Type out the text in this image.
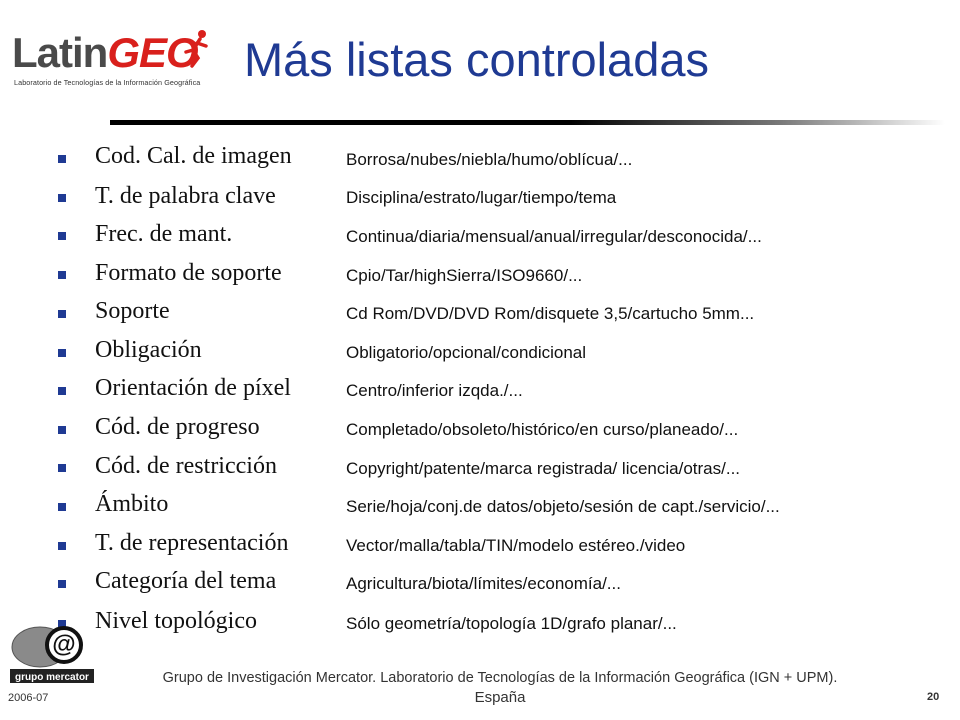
LatinGEO
Laboratorio de Tecnologías de la Información Geográfica Más listas controladas
Cod. Cal. de imagen	Borrosa/nubes/niebla/humo/oblícua/...
T. de palabra clave	Disciplina/estrato/lugar/tiempo/tema
Frec. de mant.	Continua/diaria/mensual/anual/irregular/desconocida/...
Formato de soporte	Cpio/Tar/highSierra/ISO9660/...
Soporte	Cd Rom/DVD/DVD Rom/disquete 3,5/cartucho 5mm...
Obligación	Obligatorio/opcional/condicional
Orientación de píxel	Centro/inferior izqda./...
Cód. de progreso	Completado/obsoleto/histórico/en curso/planeado/...
Cód. de restricción	Copyright/patente/marca registrada/ licencia/otras/...
Ámbito	Serie/hoja/conj.de datos/objeto/sesión de capt./servicio/...
T. de representación	Vector/malla/tabla/TIN/modelo estéreo./video
Categoría del tema	Agricultura/biota/límites/economía/...
Nivel topológico	Sólo geometría/topología 1D/grafo planar/...
@
grupo mercator	Grupo de Investigación Mercator. Laboratorio de Tecnologías de la Información Geográfica (IGN + UPM).
España
2006-07	20
